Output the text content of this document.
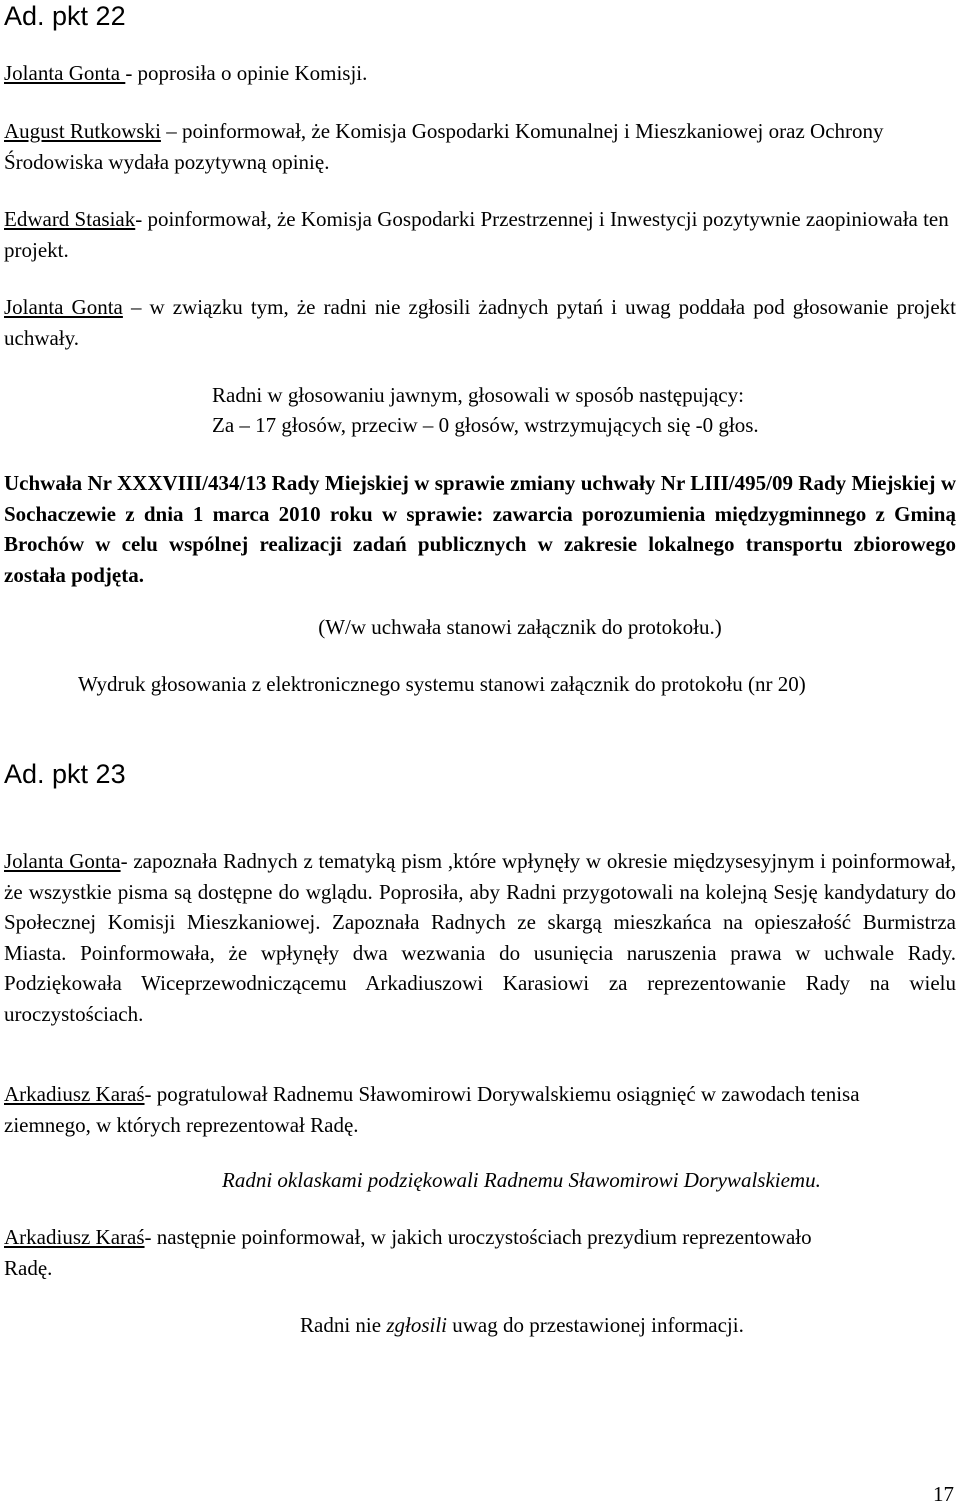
Ad. pkt 22

Jolanta Gonta - poprosiła o opinie Komisji.

August Rutkowski – poinformował, że Komisja Gospodarki Komunalnej i Mieszkaniowej oraz Ochrony Środowiska wydała pozytywną opinię.

Edward Stasiak- poinformował, że Komisja Gospodarki Przestrzennej i Inwestycji pozytywnie zaopiniowała ten projekt.

Jolanta Gonta – w związku tym, że radni nie zgłosili żadnych pytań i uwag poddała pod głosowanie projekt uchwały.

Radni w głosowaniu jawnym, głosowali w sposób następujący:

Za – 17 głosów, przeciw – 0 głosów, wstrzymujących się -0 głos.

Uchwała Nr XXXVIII/434/13 Rady Miejskiej w sprawie zmiany uchwały Nr LIII/495/09 Rady Miejskiej w Sochaczewie z dnia 1 marca 2010 roku w sprawie: zawarcia porozumienia międzygminnego z Gminą Brochów w celu wspólnej realizacji zadań publicznych w zakresie lokalnego transportu zbiorowego została podjęta.

(W/w uchwała stanowi załącznik do protokołu.)

Wydruk głosowania z elektronicznego systemu stanowi załącznik do protokołu (nr 20)

Ad. pkt 23

Jolanta Gonta- zapoznała Radnych z tematyką pism ,które wpłynęły w okresie międzysesyjnym i poinformował, że wszystkie pisma są dostępne do wglądu. Poprosiła, aby Radni przygotowali na kolejną Sesję kandydatury do Społecznej Komisji Mieszkaniowej. Zapoznała Radnych ze skargą mieszkańca na opieszałość Burmistrza Miasta. Poinformowała, że wpłynęły dwa wezwania do usunięcia naruszenia prawa w uchwale Rady. Podziękowała Wiceprzewodniczącemu Arkadiuszowi Karasiowi za reprezentowanie Rady na wielu uroczystościach.

Arkadiusz Karaś- pogratulował Radnemu Sławomirowi Dorywalskiemu osiągnięć w zawodach tenisa ziemnego, w których reprezentował Radę.

Radni oklaskami podziękowali Radnemu Sławomirowi Dorywalskiemu.

Arkadiusz Karaś- następnie poinformował, w jakich uroczystościach prezydium reprezentowało Radę.

Radni nie zgłosili uwag do przestawionej informacji.

17
